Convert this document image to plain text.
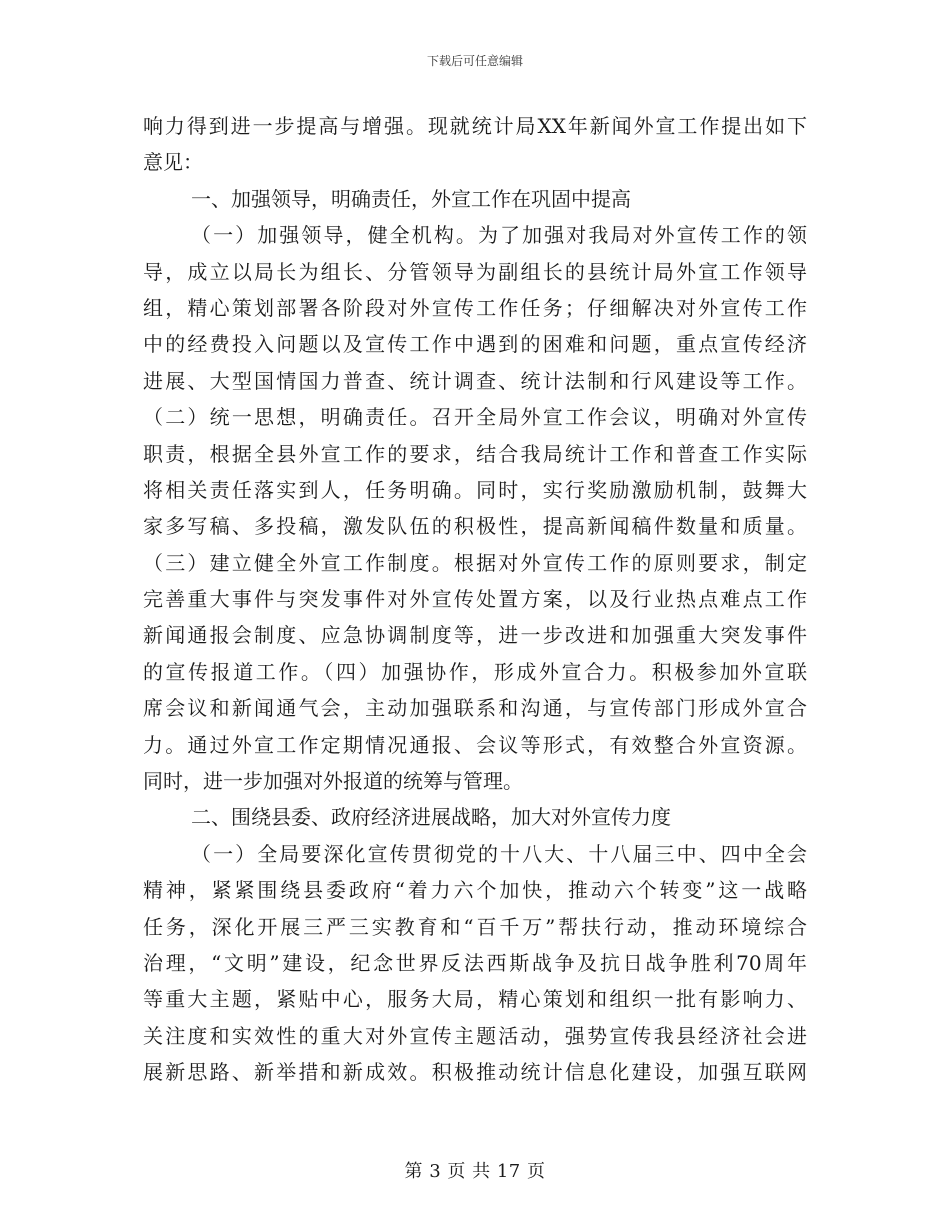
下载后可任意编辑
响力得到进一步提高与增强。现就统计局XX年新闻外宣工作提出如下
意见：
一、加强领导，明确责任，外宣工作在巩固中提高
（一）加强领导，健全机构。为了加强对我局对外宣传工作的领
导，成立以局长为组长、分管领导为副组长的县统计局外宣工作领导
组，精心策划部署各阶段对外宣传工作任务；仔细解决对外宣传工作
中的经费投入问题以及宣传工作中遇到的困难和问题，重点宣传经济
进展、大型国情国力普查、统计调查、统计法制和行风建设等工作。
（二）统一思想，明确责任。召开全局外宣工作会议，明确对外宣传
职责，根据全县外宣工作的要求，结合我局统计工作和普查工作实际
将相关责任落实到人，任务明确。同时，实行奖励激励机制，鼓舞大
家多写稿、多投稿，激发队伍的积极性，提高新闻稿件数量和质量。
（三）建立健全外宣工作制度。根据对外宣传工作的原则要求，制定
完善重大事件与突发事件对外宣传处置方案，以及行业热点难点工作
新闻通报会制度、应急协调制度等，进一步改进和加强重大突发事件
的宣传报道工作。（四）加强协作，形成外宣合力。积极参加外宣联
席会议和新闻通气会，主动加强联系和沟通，与宣传部门形成外宣合
力。通过外宣工作定期情况通报、会议等形式，有效整合外宣资源。
同时，进一步加强对外报道的统筹与管理。
二、围绕县委、政府经济进展战略，加大对外宣传力度
（一）全局要深化宣传贯彻党的十八大、十八届三中、四中全会
精神，紧紧围绕县委政府“着力六个加快，推动六个转变”这一战略
任务，深化开展三严三实教育和“百千万”帮扶行动，推动环境综合
治理，“文明”建设，纪念世界反法西斯战争及抗日战争胜利70周年
等重大主题，紧贴中心，服务大局，精心策划和组织一批有影响力、
关注度和实效性的重大对外宣传主题活动，强势宣传我县经济社会进
展新思路、新举措和新成效。积极推动统计信息化建设，加强互联网
第 3 页 共 17 页
